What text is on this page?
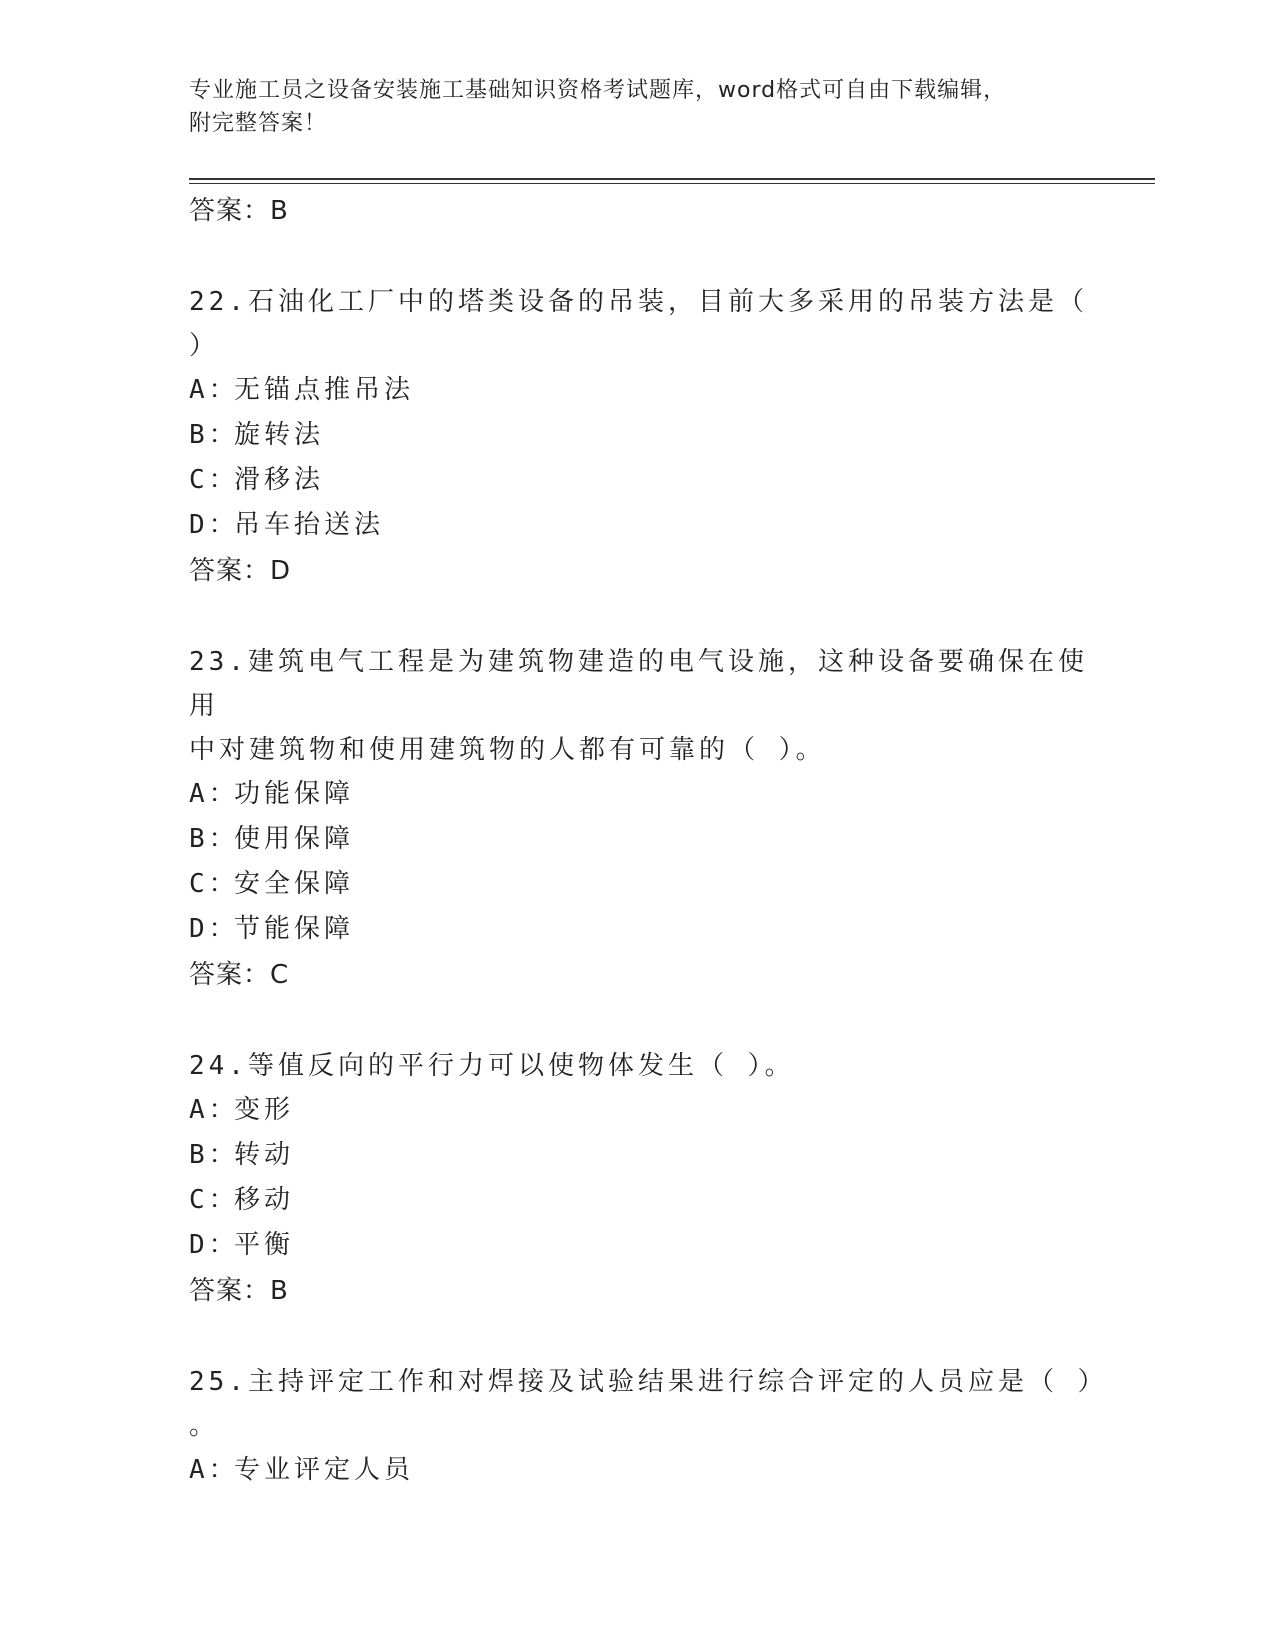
专业施工员之设备安装施工基础知识资格考试题库，word格式可自由下载编辑，
附完整答案！
答案：B
22.石油化工厂中的塔类设备的吊装，目前大多采用的吊装方法是（
）
A：
无锚点推吊法
B：
旋转法
C：
滑移法
D：
吊车抬送法
答案：D
23.建筑电气工程是为建筑物建造的电气设施，这种设备要确保在使用
中对建筑物和使用建筑物的人都有可靠的（ ）。
A：
功能保障
B：
使用保障
C：
安全保障
D：
节能保障
答案：C
24.等值反向的平行力可以使物体发生（ ）。
A：
变形
B：
转动
C：
移动
D：
平衡
答案：B
25.主持评定工作和对焊接及试验结果进行综合评定的人员应是（ ）
。
A：
专业评定人员
